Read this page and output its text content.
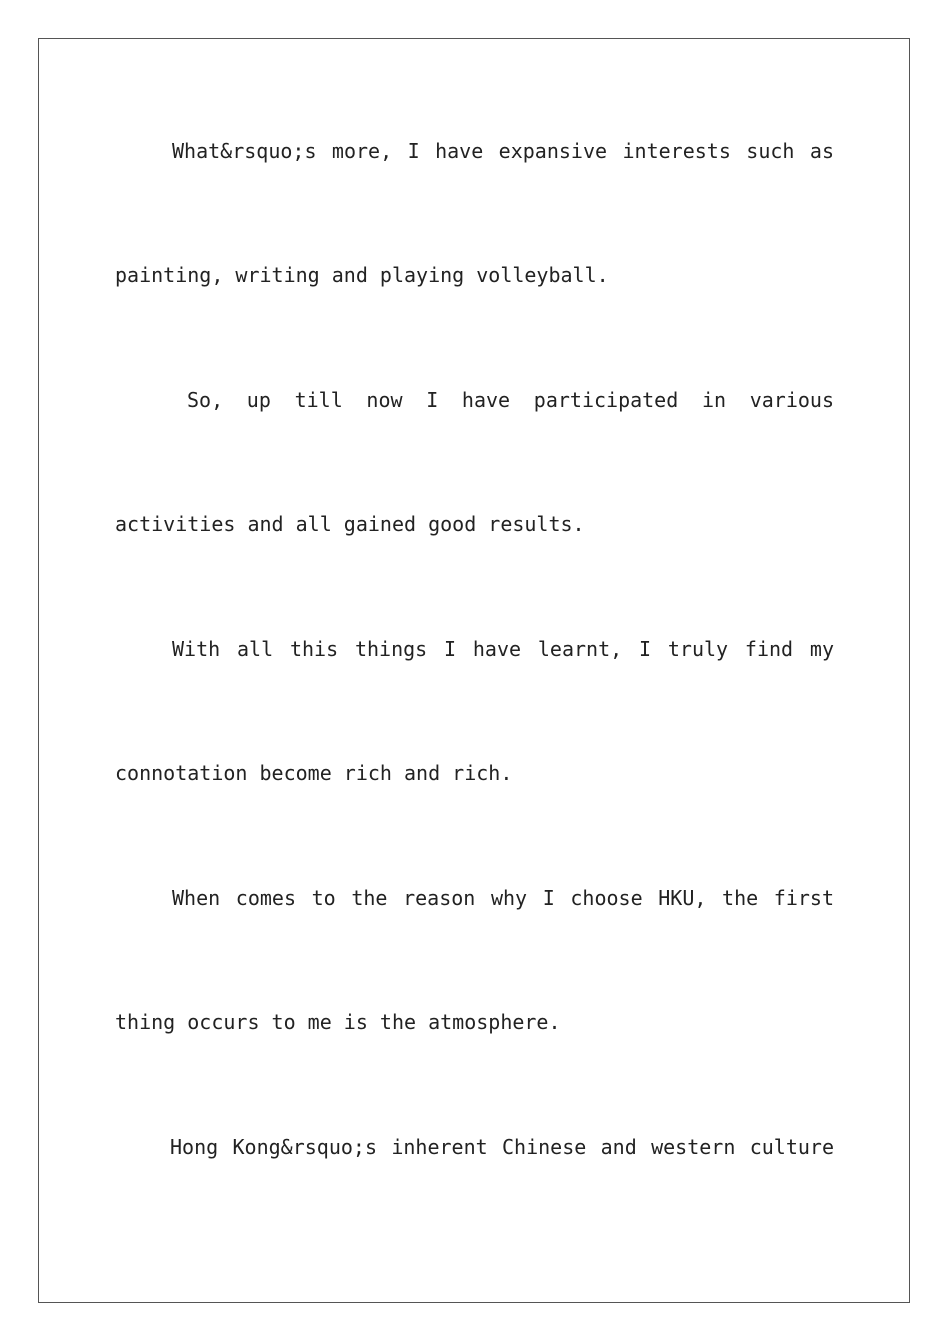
What&rsquo;s more, I have expansive interests such as
painting, writing and playing volleyball.
So, up till now I have participated in various
activities and all gained good results.
With all this things I have learnt, I truly find my
connotation become rich and rich.
When comes to the reason why I choose HKU, the first
thing occurs to me is the atmosphere.
Hong Kong&rsquo;s inherent Chinese and western culture
